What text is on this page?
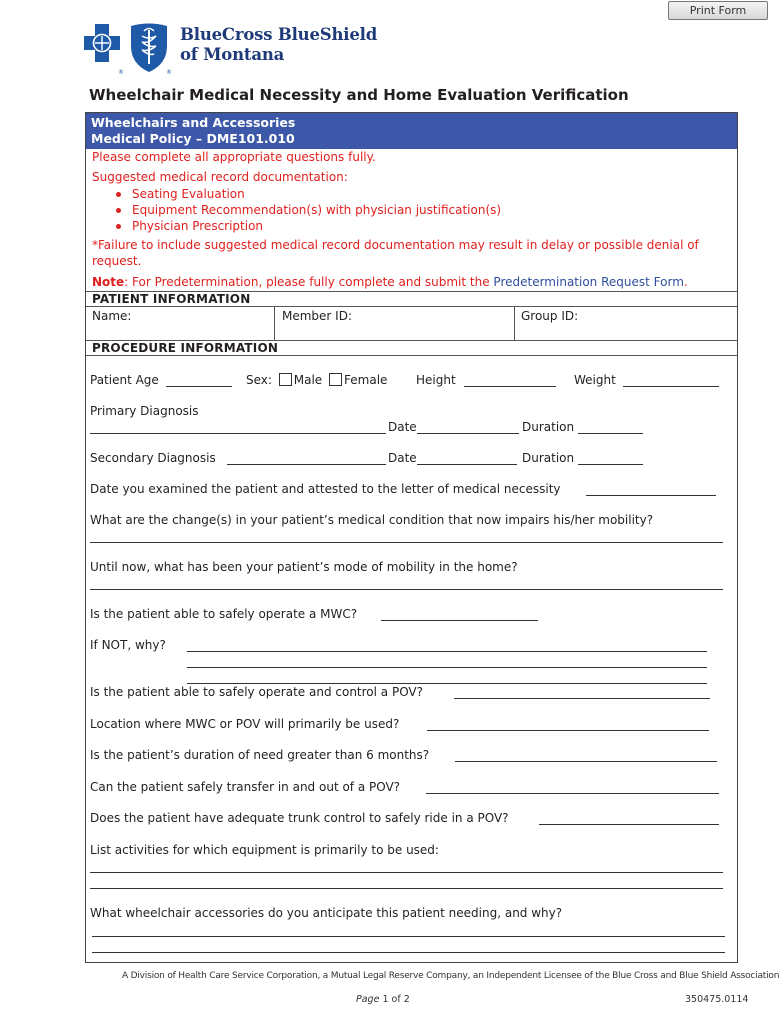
Print Form
®	®
BlueCross BlueShield
of Montana
Wheelchair Medical Necessity and Home Evaluation Verification
Wheelchairs and Accessories
Medical Policy – DME101.010
Please complete all appropriate questions fully.
Suggested medical record documentation:
Seating Evaluation
Equipment Recommendation(s) with physician justification(s)
Physician Prescription
*Failure to include suggested medical record documentation may result in delay or possible denial of
request.
Note: For Predetermination, please fully complete and submit the Predetermination Request Form.
PATIENT INFORMATION
Name:	Member ID:	Group ID:
PROCEDURE INFORMATION
Patient Age	Sex: Male Female Height	Weight
Primary Diagnosis
Date	Duration
Secondary Diagnosis	Date	Duration
Date you examined the patient and attested to the letter of medical necessity
What are the change(s) in your patient’s medical condition that now impairs his/her mobility?
Until now, what has been your patient’s mode of mobility in the home?
Is the patient able to safely operate a MWC?
If NOT, why?
Is the patient able to safely operate and control a POV?
Location where MWC or POV will primarily be used?
Is the patient’s duration of need greater than 6 months?
Can the patient safely transfer in and out of a POV?
Does the patient have adequate trunk control to safely ride in a POV?
List activities for which equipment is primarily to be used:
What wheelchair accessories do you anticipate this patient needing, and why?
A Division of Health Care Service Corporation, a Mutual Legal Reserve Company, an Independent Licensee of the Blue Cross and Blue Shield Association
Page 1 of 2	350475.0114
